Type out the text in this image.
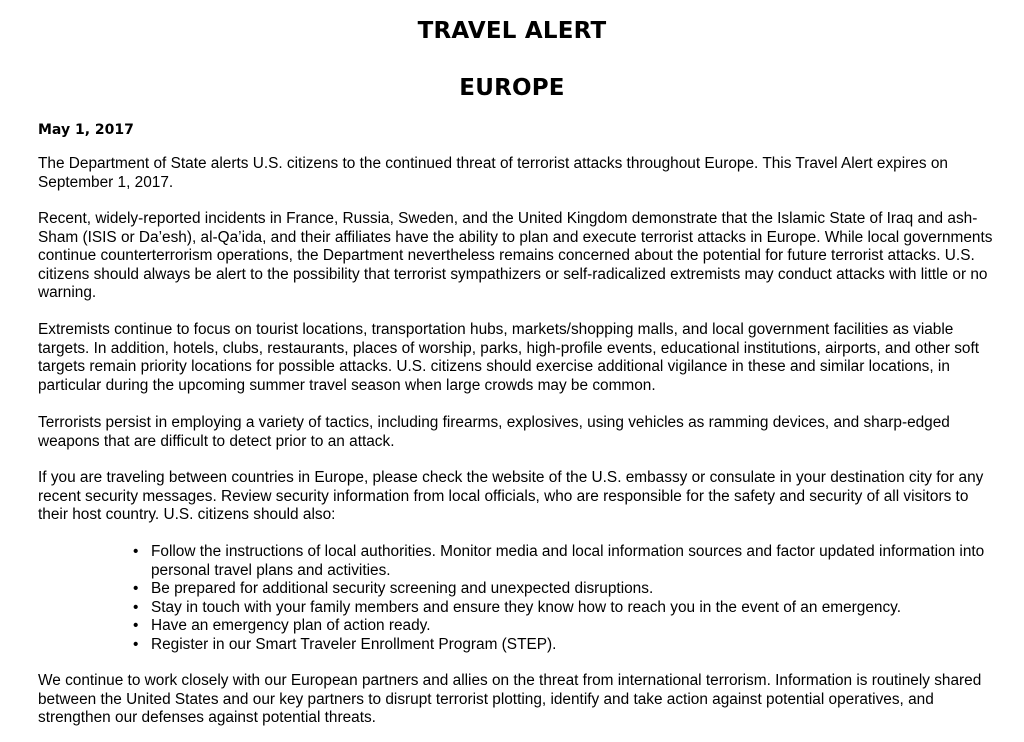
TRAVEL ALERT
EUROPE

May 1, 2017

The Department of State alerts U.S. citizens to the continued threat of terrorist attacks throughout Europe. This Travel Alert expires on September 1, 2017.

Recent, widely-reported incidents in France, Russia, Sweden, and the United Kingdom demonstrate that the Islamic State of Iraq and ash-Sham (ISIS or Da’esh), al-Qa’ida, and their affiliates have the ability to plan and execute terrorist attacks in Europe. While local governments continue counterterrorism operations, the Department nevertheless remains concerned about the potential for future terrorist attacks. U.S. citizens should always be alert to the possibility that terrorist sympathizers or self-radicalized extremists may conduct attacks with little or no warning.

Extremists continue to focus on tourist locations, transportation hubs, markets/shopping malls, and local government facilities as viable targets. In addition, hotels, clubs, restaurants, places of worship, parks, high-profile events, educational institutions, airports, and other soft targets remain priority locations for possible attacks. U.S. citizens should exercise additional vigilance in these and similar locations, in particular during the upcoming summer travel season when large crowds may be common.

Terrorists persist in employing a variety of tactics, including firearms, explosives, using vehicles as ramming devices, and sharp-edged weapons that are difficult to detect prior to an attack.

If you are traveling between countries in Europe, please check the website of the U.S. embassy or consulate in your destination city for any recent security messages. Review security information from local officials, who are responsible for the safety and security of all visitors to their host country. U.S. citizens should also:

• Follow the instructions of local authorities. Monitor media and local information sources and factor updated information into personal travel plans and activities.
• Be prepared for additional security screening and unexpected disruptions.
• Stay in touch with your family members and ensure they know how to reach you in the event of an emergency.
• Have an emergency plan of action ready.
• Register in our Smart Traveler Enrollment Program (STEP).

We continue to work closely with our European partners and allies on the threat from international terrorism. Information is routinely shared between the United States and our key partners to disrupt terrorist plotting, identify and take action against potential operatives, and strengthen our defenses against potential threats.
